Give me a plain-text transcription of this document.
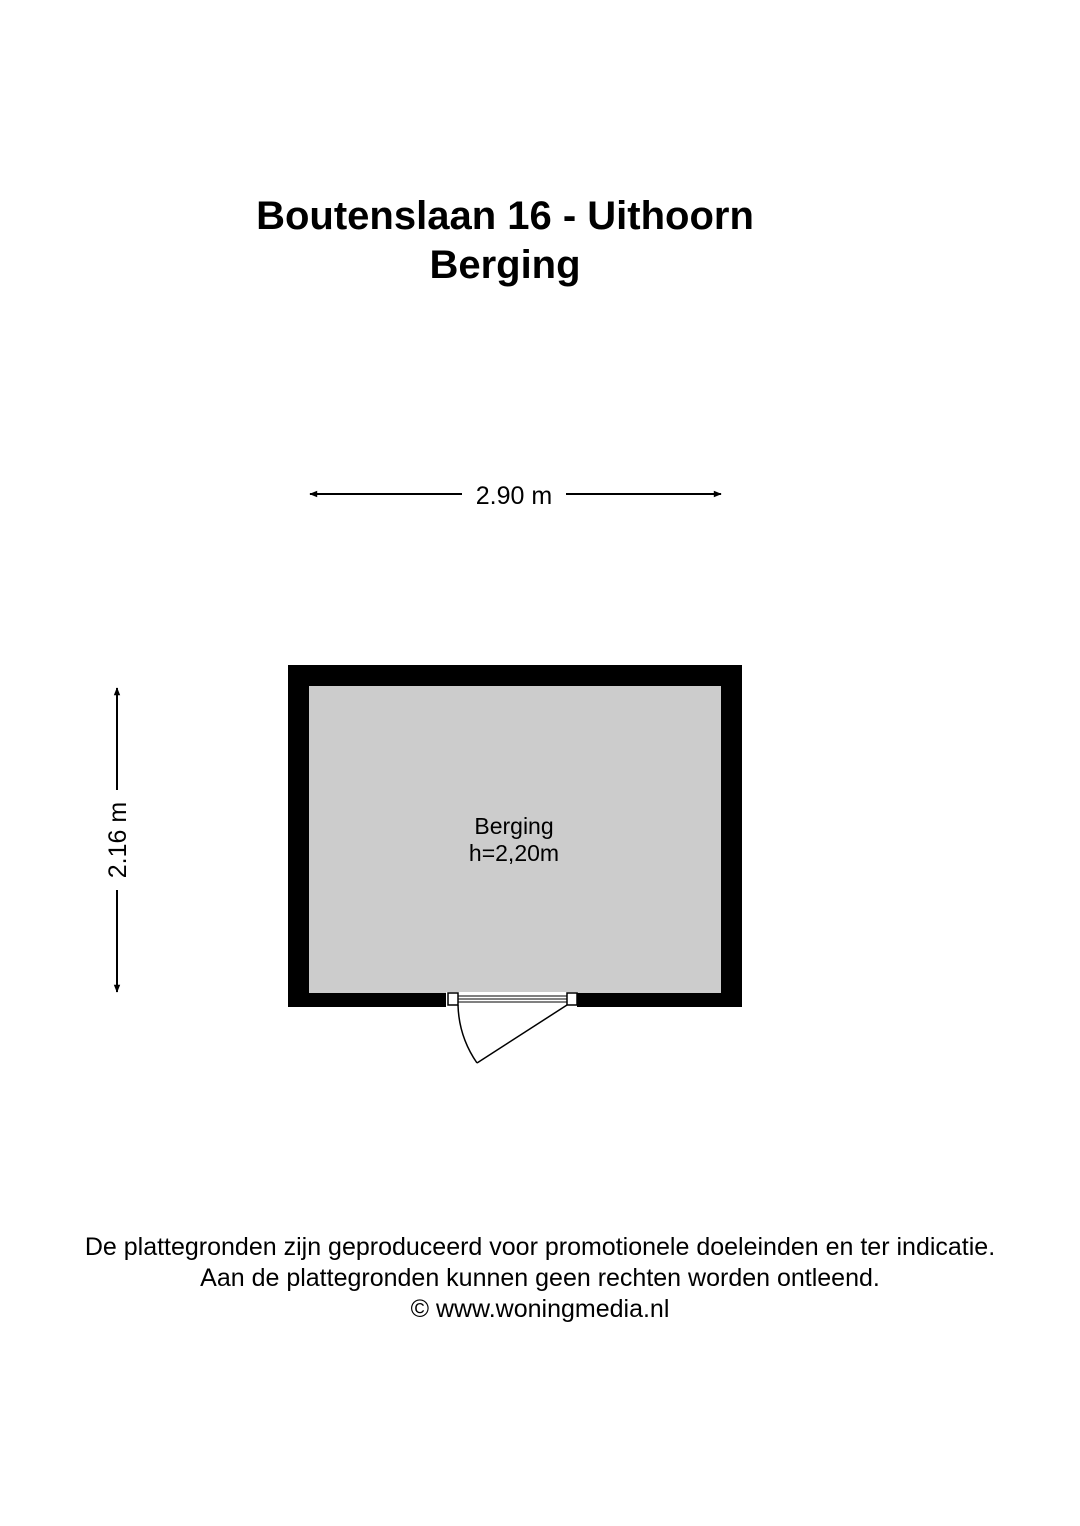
Boutenslaan 16 - Uithoorn
Berging
2.90 m
2.16 m	Berging
h=2,20m

De plattegronden zijn geproduceerd voor promotionele doeleinden en ter indicatie.

Aan de plattegronden kunnen geen rechten worden ontleend.

© www.woningmedia.nl
